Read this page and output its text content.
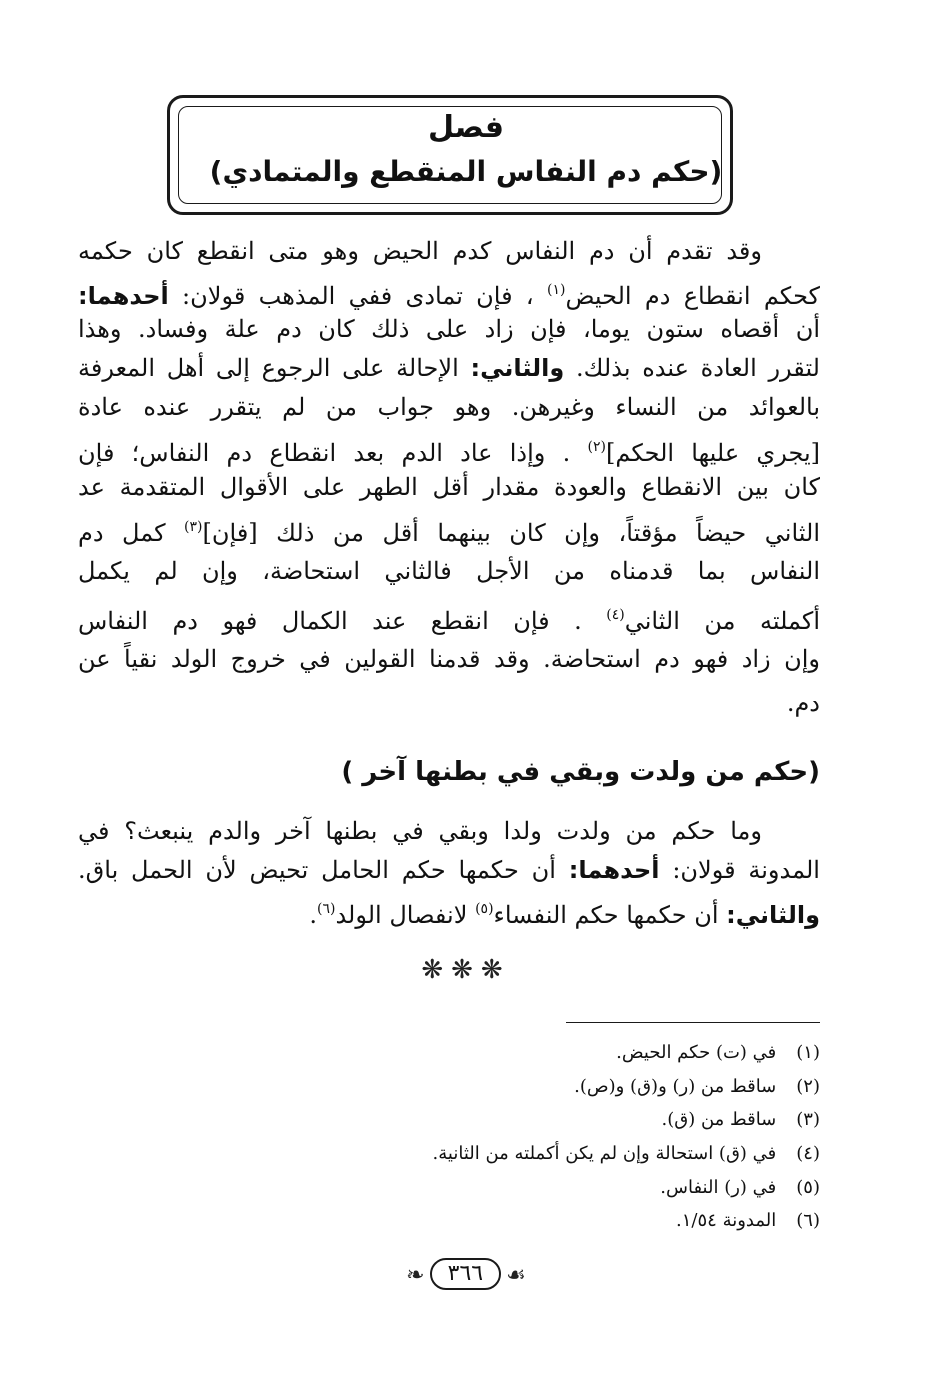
فصل
(حكم دم النفاس المنقطع والمتمادي)
وقد تقدم أن دم النفاس كدم الحيض وهو متى انقطع كان حكمه
كحكم انقطاع دم الحيض$^{(١)}$ ، فإن تمادى ففي المذهب قولان: أحدهما:
أن أقصاه ستون يوما، فإن زاد على ذلك كان دم علة وفساد. وهذا
لتقرر العادة عنده بذلك. والثاني: الإحالة على الرجوع إلى أهل المعرفة
بالعوائد من النساء وغيرهن. وهو جواب من لم يتقرر عنده عادة
[يجري عليها الحكم]$^{(٢)}$ . وإذا عاد الدم بعد انقطاع دم النفاس؛ فإن
كان بين الانقطاع والعودة مقدار أقل الطهر على الأقوال المتقدمة عد
الثاني حيضاً مؤقتاً، وإن كان بينهما أقل من ذلك [فإن]$^{(٣)}$ كمل دم
النفاس بما قدمناه من الأجل فالثاني استحاضة، وإن لم يكمل
أكملته من الثاني$^{(٤)}$ . فإن انقطع عند الكمال فهو دم النفاس
وإن زاد فهو دم استحاضة. وقد قدمنا القولين في خروج الولد نقياً عن
دم.
(حكم من ولدت وبقي في بطنها آخر )
وما حكم من ولدت ولدا وبقي في بطنها آخر والدم ينبعث؟ في
المدونة قولان: أحدهما: أن حكمها حكم الحامل تحيض لأن الحمل باق.
والثاني: أن حكمها حكم النفساء$^{(٥)}$ لانفصال الولد$^{(٦)}$.
❋❋❋
(١) في (ت) حكم الحيض.
(٢) ساقط من (ر) و(ق) و(ص).
(٣) ساقط من (ق).
(٤) في (ق) استحالة وإن لم يكن أكملته من الثانية.
(٥) في (ر) النفاس.
(٦) المدونة ١/٥٤.
❧ ٣٦٦ ☙
